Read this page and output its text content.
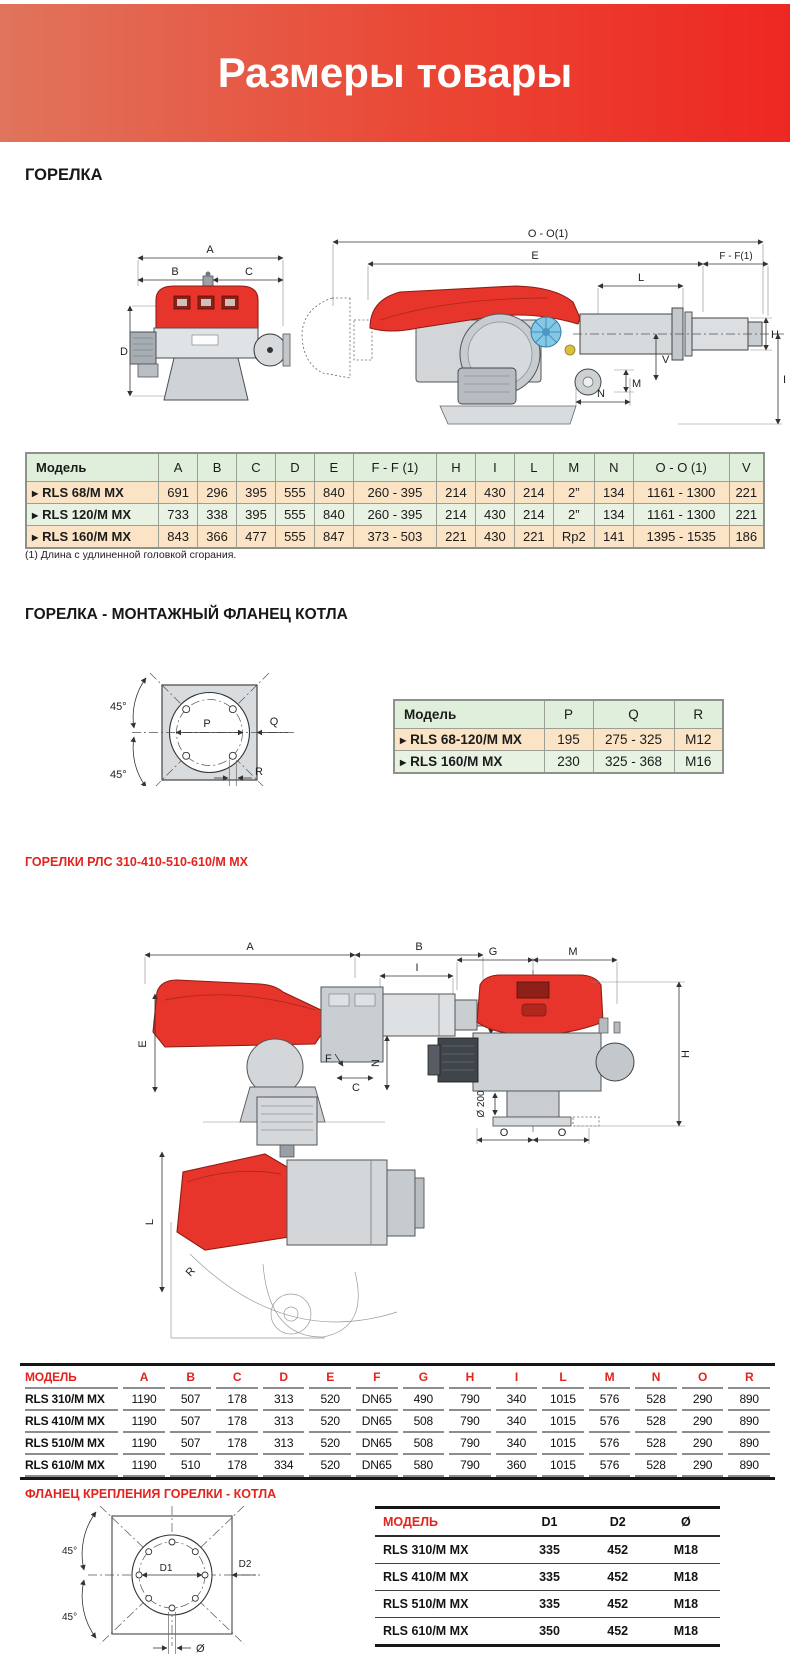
Размеры товары
ГОРЕЛКА
A
B	C
D
O - O(1)
E	F - F(1)
L
H
V
M
N
I
Модель	A	B	C	D	E	F - F (1)	H	I	L	M	N	O - O (1)	V
▶ RLS 68/M MX	691	296	395	555	840	260 - 395	214	430	214	2”	134	1161 - 1300	221
▶ RLS 120/M MX	733	338	395	555	840	260 - 395	214	430	214	2”	134	1161 - 1300	221
▶ RLS 160/M MX	843	366	477	555	847	373 - 503	221	430	221	Rp2	141	1395 - 1535	186
(1) Длина с удлиненной головкой сгорания.
ГОРЕЛКА - МОНТАЖНЫЙ ФЛАНЕЦ КОТЛА
P	Q
R
45°
45°
Модель	P	Q	R
▶ RLS 68-120/M MX	195	275 - 325	M12
▶ RLS 160/M MX	230	325 - 368	M16
ГОРЕЛКИ РЛС 310-410-510-610/М МХ
A	B
I
E
N
F
C
G	M
Ø 200
O	O
H
L
R
МОДЕЛЬ	A	B	C	D	E	F	G	H	I	L	M	N	O	R
RLS 310/M MX	1190	507	178	313	520	DN65	490	790	340	1015	576	528	290	890
RLS 410/M MX	1190	507	178	313	520	DN65	508	790	340	1015	576	528	290	890
RLS 510/M MX	1190	507	178	313	520	DN65	508	790	340	1015	576	528	290	890
RLS 610/M MX	1190	510	178	334	520	DN65	580	790	360	1015	576	528	290	890
ФЛАНЕЦ КРЕПЛЕНИЯ ГОРЕЛКИ - КОТЛА
D1	D2
Ø
45°
45°
МОДЕЛЬ	D1	D2	Ø
RLS 310/M MX	335	452	M18
RLS 410/M MX	335	452	M18
RLS 510/M MX	335	452	M18
RLS 610/M MX	350	452	M18
